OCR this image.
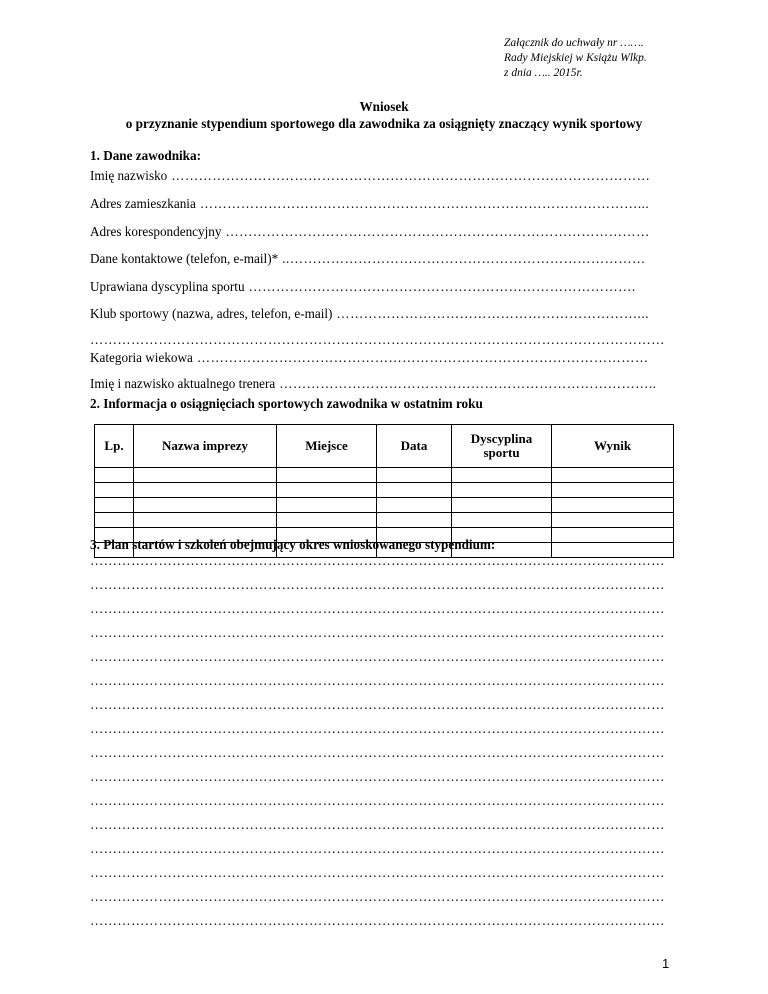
Załącznik do uchwały nr …….
Rady Miejskiej w Książu Wlkp.
z dnia ….. 2015r.
Wniosek
o przyznanie stypendium sportowego dla zawodnika za osiągnięty znaczący wynik sportowy
1. Dane zawodnika:
Imię nazwisko ……………………………………………………………………………………………
Adres zamieszkania ……………………………………………………………………………………...
Adres korespondencyjny …………………………………………………………………………………
Dane kontaktowe (telefon, e-mail)* ..……………………………………………………………………
Uprawiana dyscyplina sportu ………………………………………………………………………….
Klub sportowy (nazwa, adres, telefon, e-mail) …………………………………………………………...
………………………………………………………………………………………………………………
Kategoria wiekowa ………………………………………………………………………………………
Imię i nazwisko aktualnego trenera ………………………………………………………………………..
2. Informacja o osiągnięciach sportowych zawodnika w ostatnim roku
Lp.	Nazwa imprezy	Miejsce	Data	Dyscyplina sportu	Wynik

3. Plan startów i szkoleń obejmujący okres wnioskowanego stypendium:
………………………………………………………………………………………………………………
………………………………………………………………………………………………………………
………………………………………………………………………………………………………………
………………………………………………………………………………………………………………
………………………………………………………………………………………………………………
………………………………………………………………………………………………………………
………………………………………………………………………………………………………………
………………………………………………………………………………………………………………
………………………………………………………………………………………………………………
………………………………………………………………………………………………………………
………………………………………………………………………………………………………………
………………………………………………………………………………………………………………
………………………………………………………………………………………………………………
………………………………………………………………………………………………………………
………………………………………………………………………………………………………………
………………………………………………………………………………………………………………
1
